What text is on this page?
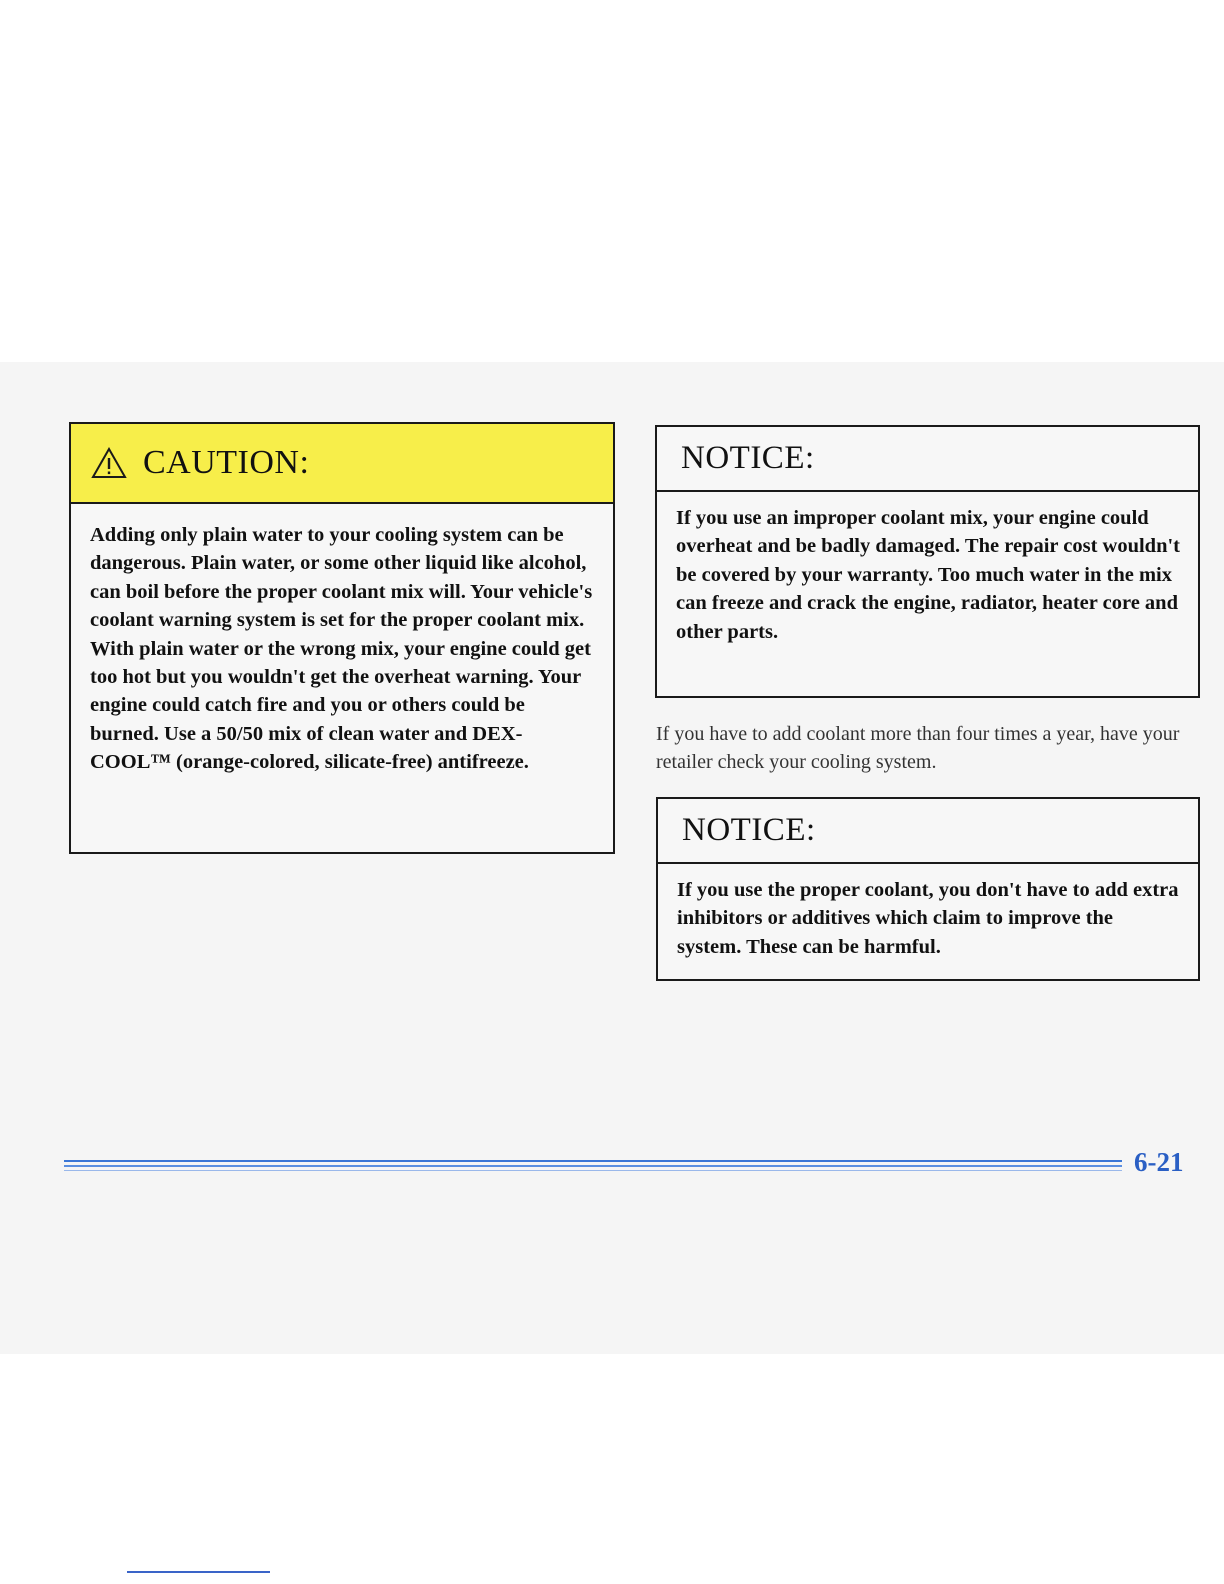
CAUTION:
Adding only plain water to your cooling system can be dangerous. Plain water, or some other liquid like alcohol, can boil before the proper coolant mix will. Your vehicle's coolant warning system is set for the proper coolant mix. With plain water or the wrong mix, your engine could get too hot but you wouldn't get the overheat warning. Your engine could catch fire and you or others could be burned. Use a 50/50 mix of clean water and DEX-COOL™ (orange-colored, silicate-free) antifreeze.
NOTICE:
If you use an improper coolant mix, your engine could overheat and be badly damaged. The repair cost wouldn't be covered by your warranty. Too much water in the mix can freeze and crack the engine, radiator, heater core and other parts.
If you have to add coolant more than four times a year, have your retailer check your cooling system.
NOTICE:
If you use the proper coolant, you don't have to add extra inhibitors or additives which claim to improve the system. These can be harmful.
6-21
